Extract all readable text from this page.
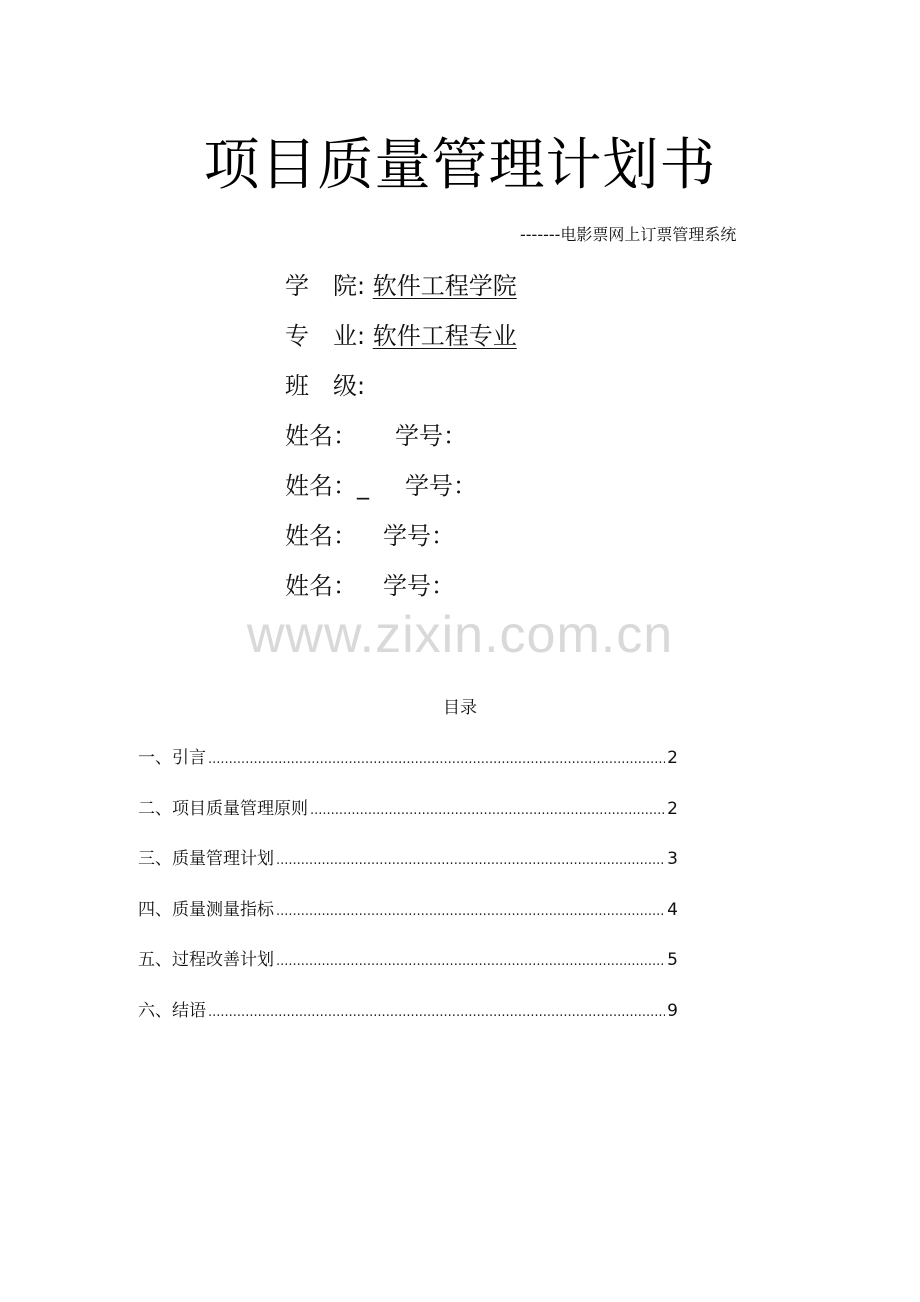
项目质量管理计划书
-------电影票网上订票管理系统
学　院: 软件工程学院
专　业: 软件工程专业
班　级:
姓名： 学号：
姓名：_ 学号：
姓名： 学号：
姓名： 学号：
www.zixin.com.cn
目录
一、引言 .....	2
二、项目质量管理原则 .....	2
三、质量管理计划 .....	3
四、质量测量指标 .....	4
五、过程改善计划 .....	5
六、结语 .....	9
